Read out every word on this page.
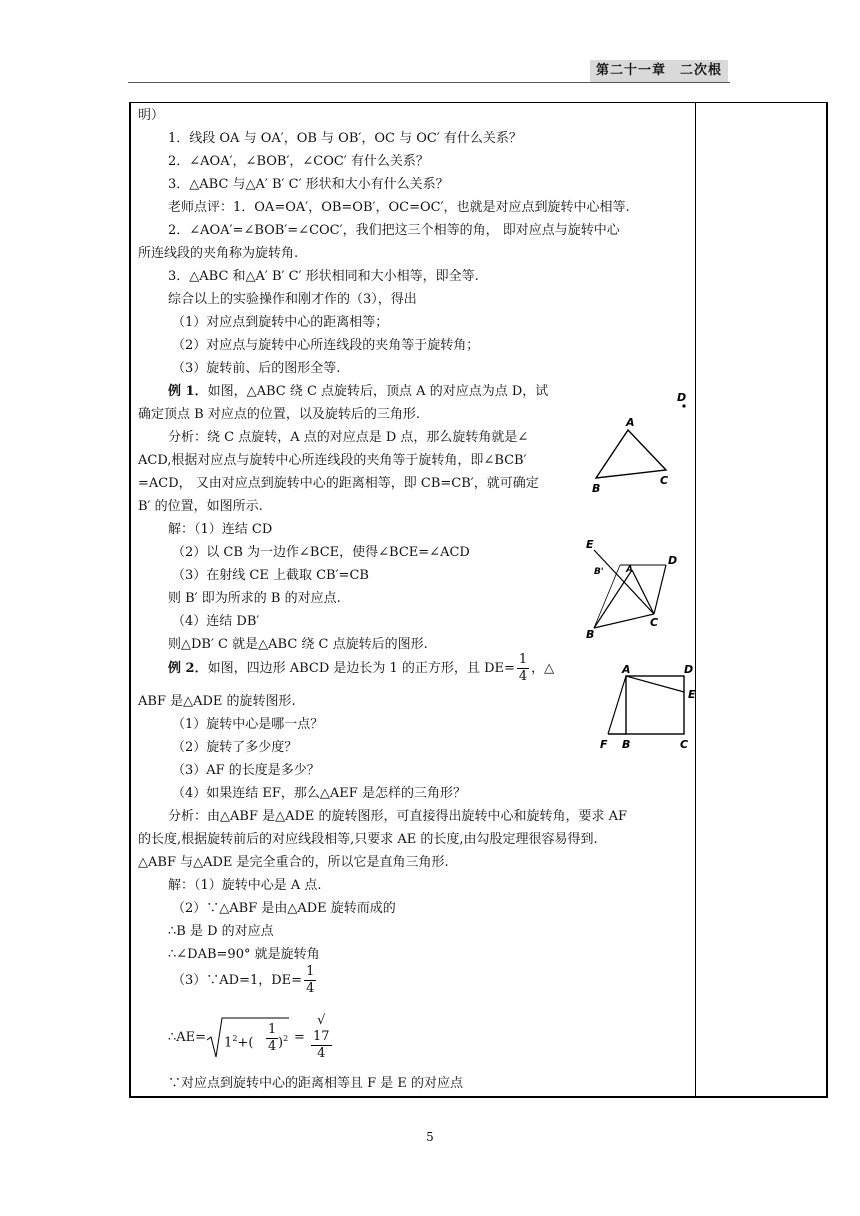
第二十一章　二次根
明）
1．线段 OA 与 OA′，OB 与 OB′，OC 与 OC′ 有什么关系？
2．∠AOA′，∠BOB′，∠COC′ 有什么关系？
3．△ABC 与△A′ B′ C′ 形状和大小有什么关系？
老师点评：1．OA=OA′，OB=OB′，OC=OC′，也就是对应点到旋转中心相等.
2．∠AOA′=∠BOB′=∠COC′，我们把这三个相等的角， 即对应点与旋转中心
所连线段的夹角称为旋转角.
3．△ABC 和△A′ B′ C′ 形状相同和大小相等，即全等.
综合以上的实验操作和刚才作的（3），得出
（1）对应点到旋转中心的距离相等；
（2）对应点与旋转中心所连线段的夹角等于旋转角；
（3）旋转前、后的图形全等.
例 1．如图，△ABC 绕 C 点旋转后，顶点 A 的对应点为点 D，试
确定顶点 B 对应点的位置，以及旋转后的三角形.
分析：绕 C 点旋转，A 点的对应点是 D 点，那么旋转角就是∠
ACD,根据对应点与旋转中心所连线段的夹角等于旋转角，即∠BCB′
=ACD， 又由对应点到旋转中心的距离相等，即 CB=CB′，就可确定
B′ 的位置，如图所示.
解：（1）连结 CD
（2）以 CB 为一边作∠BCE，使得∠BCE=∠ACD
（3）在射线 CE 上截取 CB′=CB
则 B′ 即为所求的 B 的对应点.
（4）连结 DB′
则△DB′ C 就是△ABC 绕 C 点旋转后的图形.
例 2．如图，四边形 ABCD 是边长为 1 的正方形，且 $DE= \frac{1}{4}$ ，△
ABF 是△ADE 的旋转图形.
（1）旋转中心是哪一点？
（2）旋转了多少度？
（3）AF 的长度是多少？
（4）如果连结 EF，那么△AEF 是怎样的三角形？
分析：由△ABF 是△ADE 的旋转图形，可直接得出旋转中心和旋转角，要求 AF
的长度,根据旋转前后的对应线段相等,只要求 AE 的长度,由勾股定理很容易得到.
△ABF 与△ADE 是完全重合的，所以它是直角三角形.
解：（1）旋转中心是 A 点.
（2）∵△ABF 是由△ADE 旋转而成的
∴B 是 D 的对应点
∴∠DAB=90° 就是旋转角
（3）∵AD=1，$DE= \frac{1}{4}$
∴AE= $1^2+( \frac{1}{4} )^2$ = √
17
4
∵对应点到旋转中心的距离相等且 F 是 E 的对应点
D
A
B
C
E
D
B' A
C
B
A	D
E
F B	C
5
